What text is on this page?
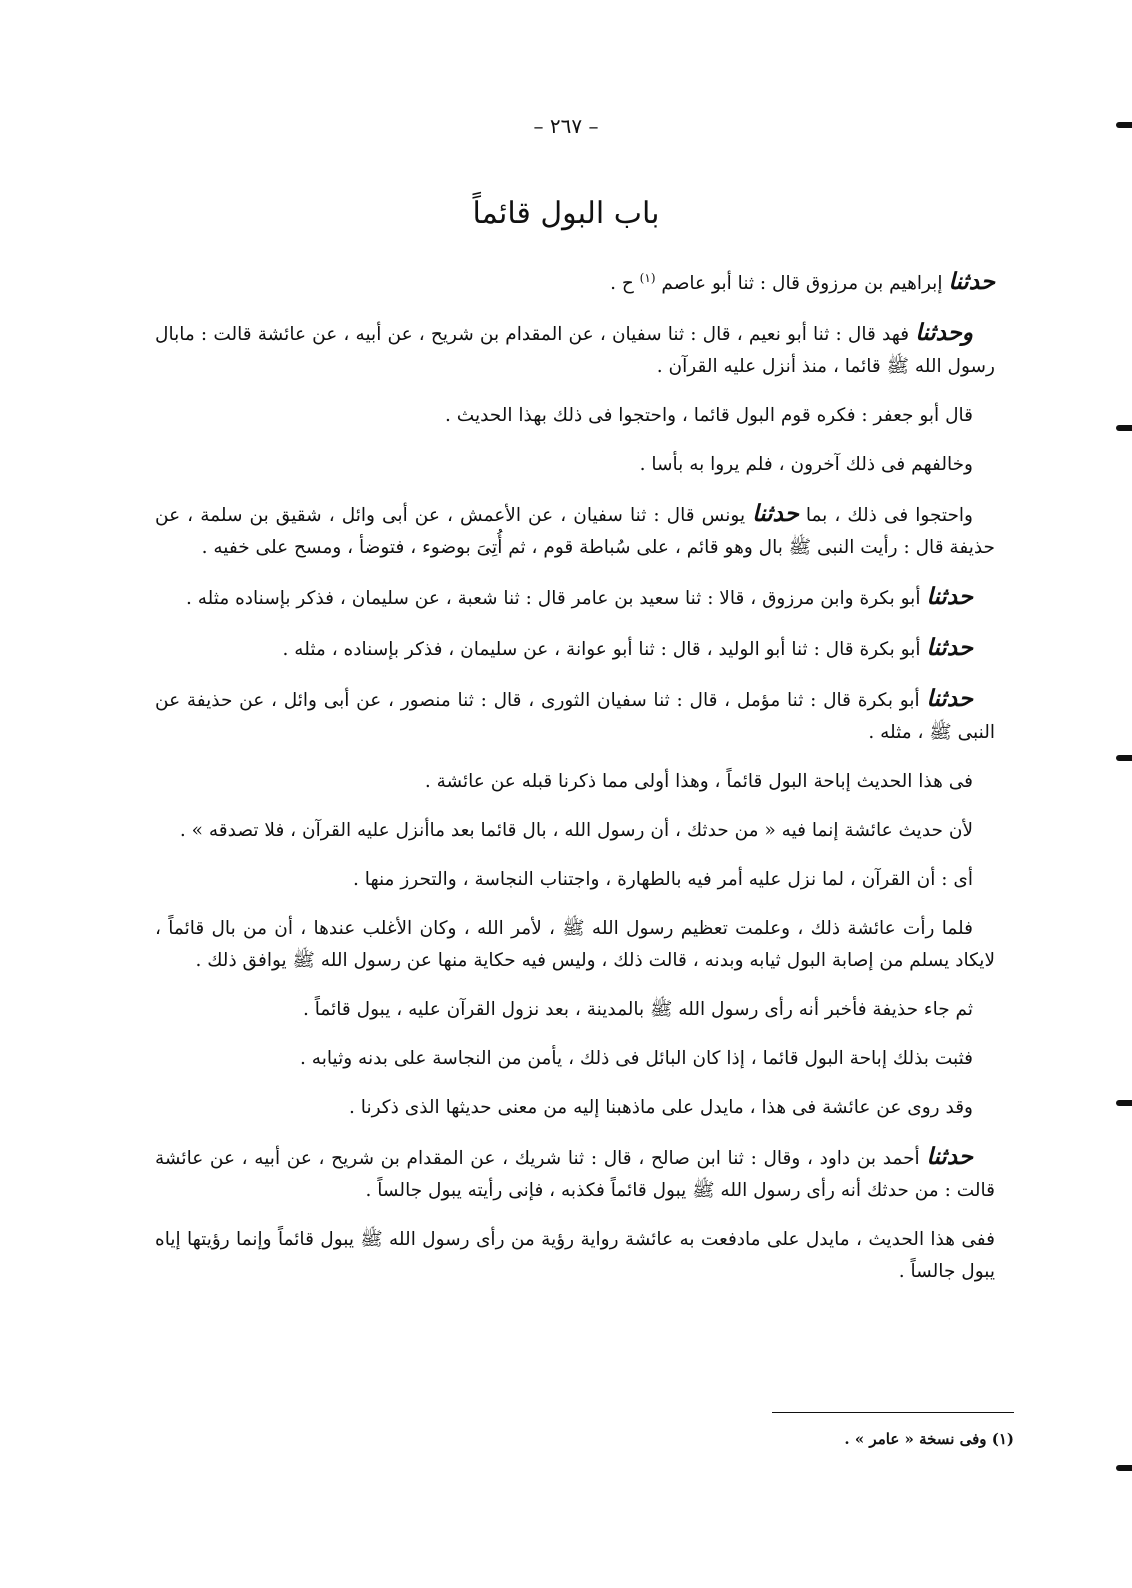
– ٢٦٧ –
باب البول قائماً

حدثنا إبراهيم بن مرزوق قال : ثنا أبو عاصم $^{(١)}$ ح .

وحدثنا فهد قال : ثنا أبو نعيم ، قال : ثنا سفيان ، عن المقدام بن شريح ، عن أبيه ، عن عائشة قالت : مابال رسول الله ﷺ قائما ، منذ أنزل عليه القرآن .

قال أبو جعفر : فكره قوم البول قائما ، واحتجوا فى ذلك بهذا الحديث .

وخالفهم فى ذلك آخرون ، فلم يروا به بأسا .

واحتجوا فى ذلك ، بما حدثنا يونس قال : ثنا سفيان ، عن الأعمش ، عن أبى وائل ، شقيق بن سلمة ، عن حذيفة قال : رأيت النبى ﷺ بال وهو قائم ، على سُباطة قوم ، ثم أُتِىَ بوضوء ، فتوضأ ، ومسح على خفيه .

حدثنا أبو بكرة وابن مرزوق ، قالا : ثنا سعيد بن عامر قال : ثنا شعبة ، عن سليمان ، فذكر بإسناده مثله .

حدثنا أبو بكرة قال : ثنا أبو الوليد ، قال : ثنا أبو عوانة ، عن سليمان ، فذكر بإسناده ، مثله .

حدثنا أبو بكرة قال : ثنا مؤمل ، قال : ثنا سفيان الثورى ، قال : ثنا منصور ، عن أبى وائل ، عن حذيفة عن النبى ﷺ ، مثله .

فى هذا الحديث إباحة البول قائماً ، وهذا أولى مما ذكرنا قبله عن عائشة .

لأن حديث عائشة إنما فيه « من حدثك ، أن رسول الله ، بال قائما بعد ماأنزل عليه القرآن ، فلا تصدقه » .

أى : أن القرآن ، لما نزل عليه أمر فيه بالطهارة ، واجتناب النجاسة ، والتحرز منها .

فلما رأت عائشة ذلك ، وعلمت تعظيم رسول الله ﷺ ، لأمر الله ، وكان الأغلب عندها ، أن من بال قائماً ، لايكاد يسلم من إصابة البول ثيابه وبدنه ، قالت ذلك ، وليس فيه حكاية منها عن رسول الله ﷺ يوافق ذلك .

ثم جاء حذيفة فأخبر أنه رأى رسول الله ﷺ بالمدينة ، بعد نزول القرآن عليه ، يبول قائماً .

فثبت بذلك إباحة البول قائما ، إذا كان البائل فى ذلك ، يأمن من النجاسة على بدنه وثيابه .

وقد روى عن عائشة فى هذا ، مايدل على ماذهبنا إليه من معنى حديثها الذى ذكرنا .

حدثنا أحمد بن داود ، وقال : ثنا ابن صالح ، قال : ثنا شريك ، عن المقدام بن شريح ، عن أبيه ، عن عائشة قالت : من حدثك أنه رأى رسول الله ﷺ يبول قائماً فكذبه ، فإنى رأيته يبول جالساً .

ففى هذا الحديث ، مايدل على مادفعت به عائشة رواية رؤية من رأى رسول الله ﷺ يبول قائماً وإنما رؤيتها إياه يبول جالساً .

(١) وفى نسخة « عامر » .
